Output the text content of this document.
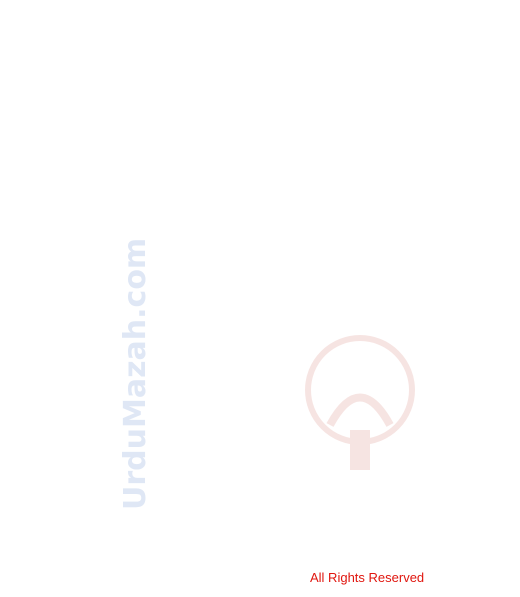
UrduMazah.com
All Rights Reserved
